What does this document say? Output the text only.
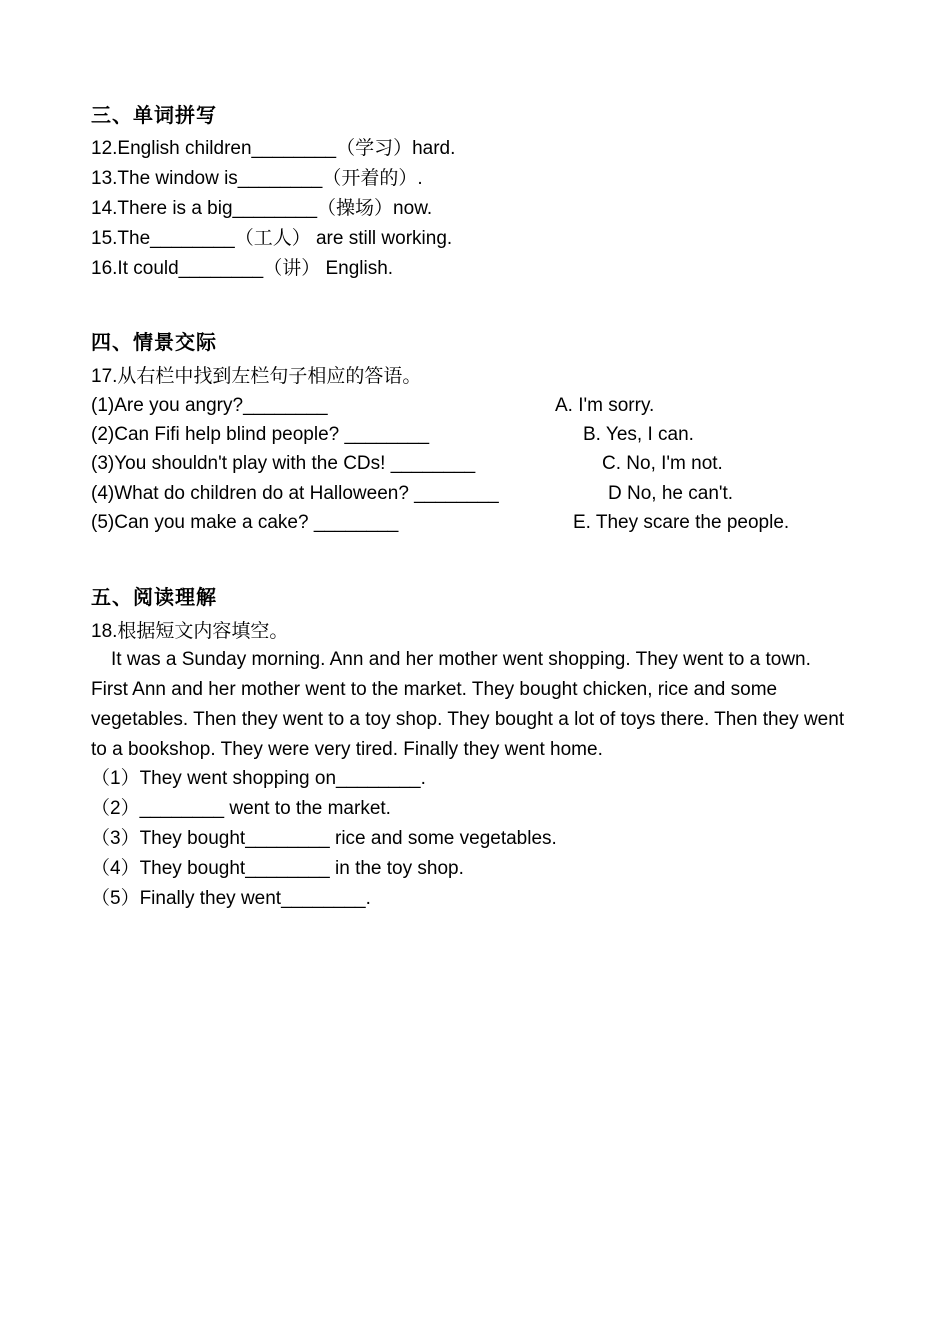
三、单词拼写
12.English children________（学习）hard.
13.The window is________（开着的）.
14.There is a big________（操场）now.
15.The________（工人） are still working.
16.It could________（讲） English.
四、情景交际
17.从右栏中找到左栏句子相应的答语。
(1)Are you angry?________
(2)Can Fifi help blind people? ________
(3)You shouldn't play with the CDs! ________
(4)What do children do at Halloween? ________
(5)Can you make a cake? ________
A. I'm sorry.
B. Yes, I can.
C. No, I'm not.
D No, he can't.
E. They scare the people.
五、阅读理解
18.根据短文内容填空。
It was a Sunday morning. Ann and her mother went shopping. They went to a town. First Ann and her mother went to the market. They bought chicken, rice and some vegetables. Then they went to a toy shop. They bought a lot of toys there. Then they went to a bookshop. They were very tired. Finally they went home.
（1）They went shopping on________.
（2）________ went to the market.
（3）They bought________ rice and some vegetables.
（4）They bought________ in the toy shop.
（5）Finally they went________.
